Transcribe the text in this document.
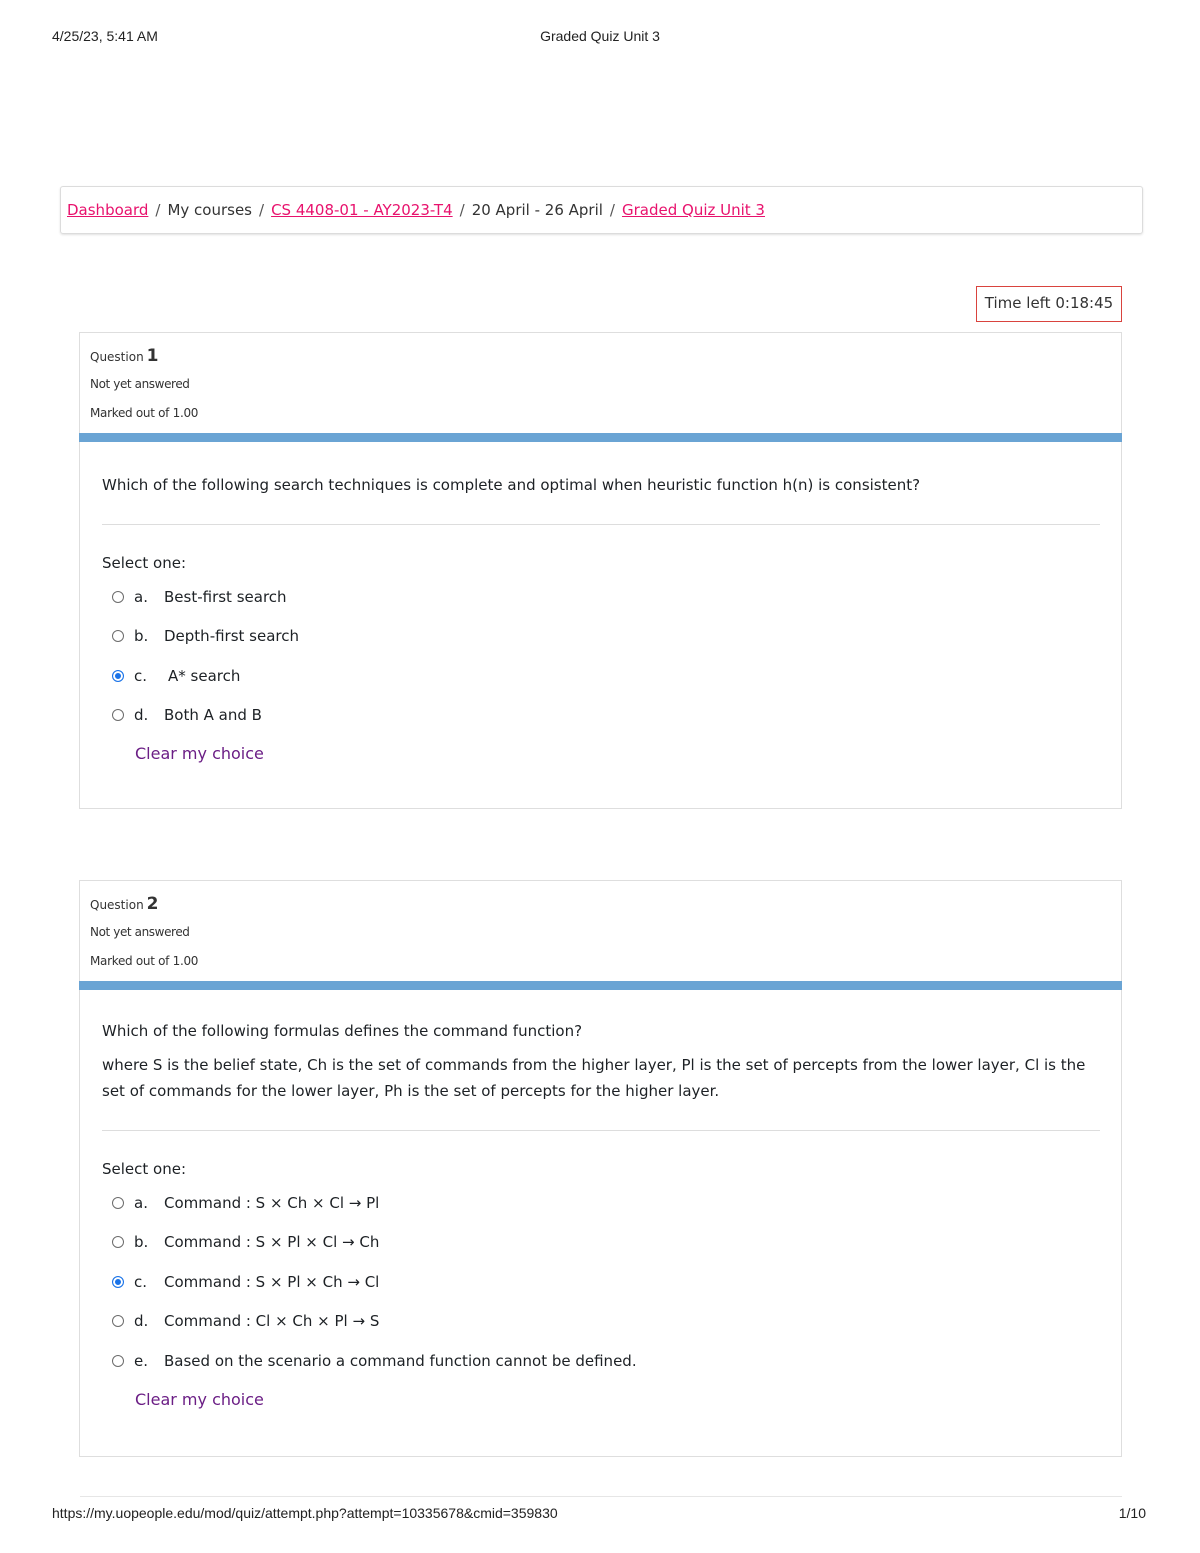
4/25/23, 5:41 AM	Graded Quiz Unit 3
Dashboard / My courses / CS 4408-01 - AY2023-T4 / 20 April - 26 April / Graded Quiz Unit 3
Time left 0:18:45
Question 1
Not yet answered
Marked out of 1.00

Which of the following search techniques is complete and optimal when heuristic function h(n) is consistent?

Select one:
a.	Best-first search
b.	Depth-first search
c.	A* search
d.	Both A and B
Clear my choice
Question 2
Not yet answered
Marked out of 1.00

Which of the following formulas defines the command function?

where S is the belief state, Ch is the set of commands from the higher layer, Pl is the set of percepts from the lower layer, Cl is the set of commands for the lower layer, Ph is the set of percepts for the higher layer.

Select one:
a.	Command : S × Ch × Cl → Pl
b.	Command : S × Pl × Cl → Ch
c.	Command : S × Pl × Ch → Cl
d.	Command : Cl × Ch × Pl → S
e.	Based on the scenario a command function cannot be defined.
Clear my choice
https://my.uopeople.edu/mod/quiz/attempt.php?attempt=10335678&cmid=359830	1/10
